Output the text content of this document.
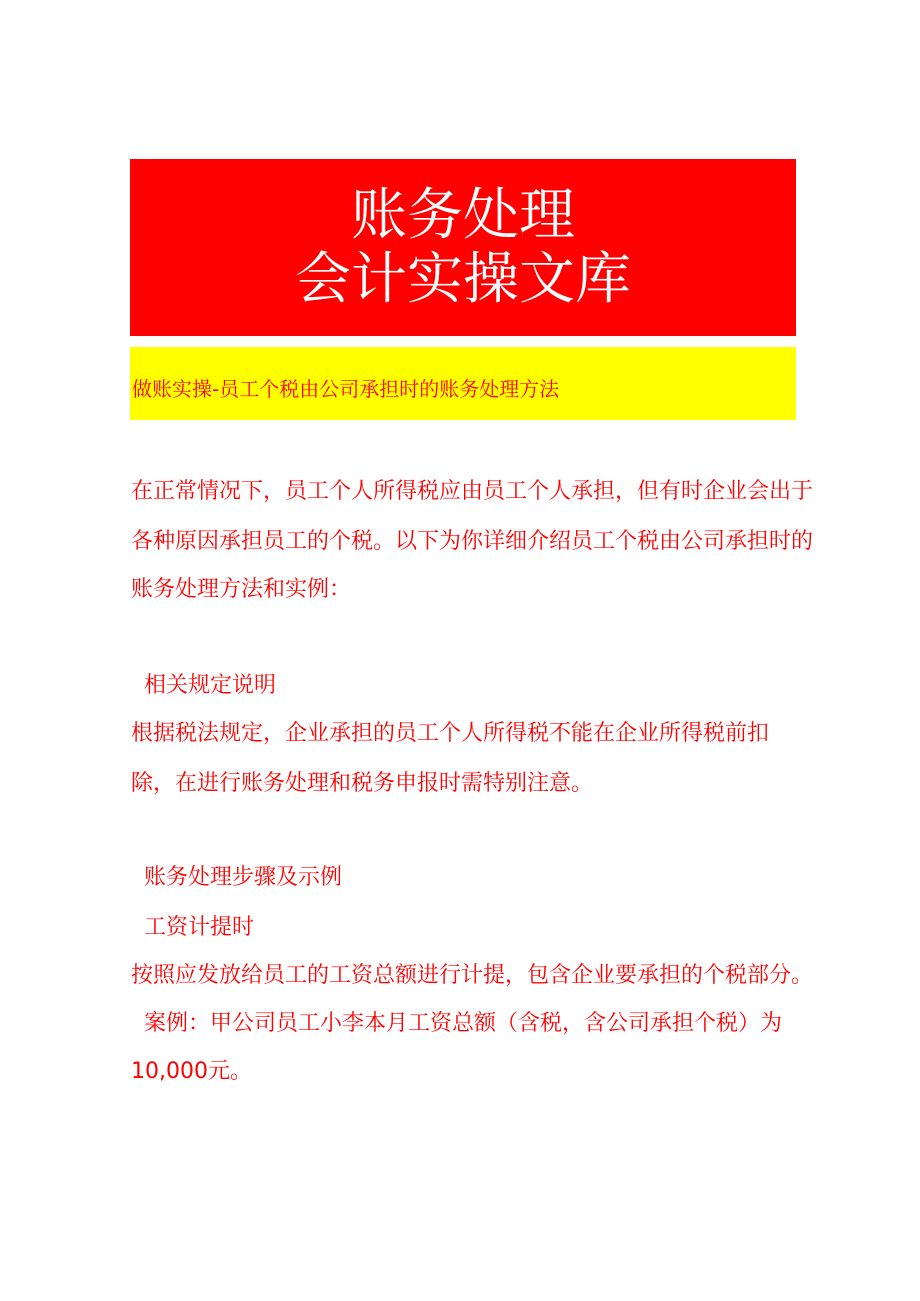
账务处理
会计实操文库
做账实操-员工个税由公司承担时的账务处理方法
在正常情况下，员工个人所得税应由员工个人承担，但有时企业会出于
各种原因承担员工的个税。以下为你详细介绍员工个税由公司承担时的
账务处理方法和实例：
相关规定说明
根据税法规定，企业承担的员工个人所得税不能在企业所得税前扣
除，在进行账务处理和税务申报时需特别注意。
账务处理步骤及示例
工资计提时
按照应发放给员工的工资总额进行计提，包含企业要承担的个税部分。
案例：甲公司员工小李本月工资总额（含税，含公司承担个税）为
10,000元。
